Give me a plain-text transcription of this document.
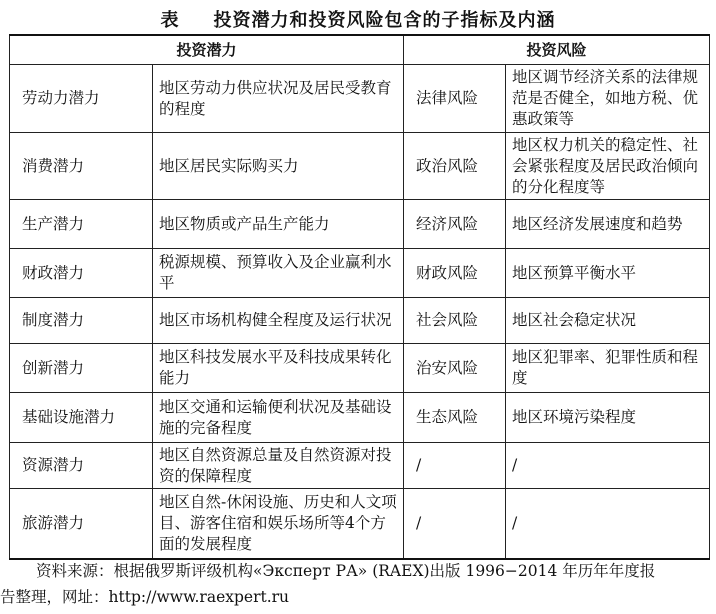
表 投资潜力和投资风险包含的子指标及内涵
投资潜力		投资风险	
劳动力潜力	地区劳动力供应状况及居民受教育的程度	法律风险	地区调节经济关系的法律规范是否健全，如地方税、优惠政策等
消费潜力	地区居民实际购买力	政治风险	地区权力机关的稳定性、社会紧张程度及居民政治倾向的分化程度等
生产潜力	地区物质或产品生产能力	经济风险	地区经济发展速度和趋势
财政潜力	税源规模、预算收入及企业赢利水平	财政风险	地区预算平衡水平
制度潜力	地区市场机构健全程度及运行状况	社会风险	地区社会稳定状况
创新潜力	地区科技发展水平及科技成果转化能力	治安风险	地区犯罪率、犯罪性质和程度
基础设施潜力	地区交通和运输便利状况及基础设施的完备程度	生态风险	地区环境污染程度
资源潜力	地区自然资源总量及自然资源对投资的保障程度	/	/
旅游潜力	地区自然-休闲设施、历史和人文项目、游客住宿和娱乐场所等4个方面的发展程度	/	/
资料来源：根据俄罗斯评级机构«Эксперт РА» (RAEX)出版 1996−2014 年历年年度报
告整理，网址：http://www.raexpert.ru
